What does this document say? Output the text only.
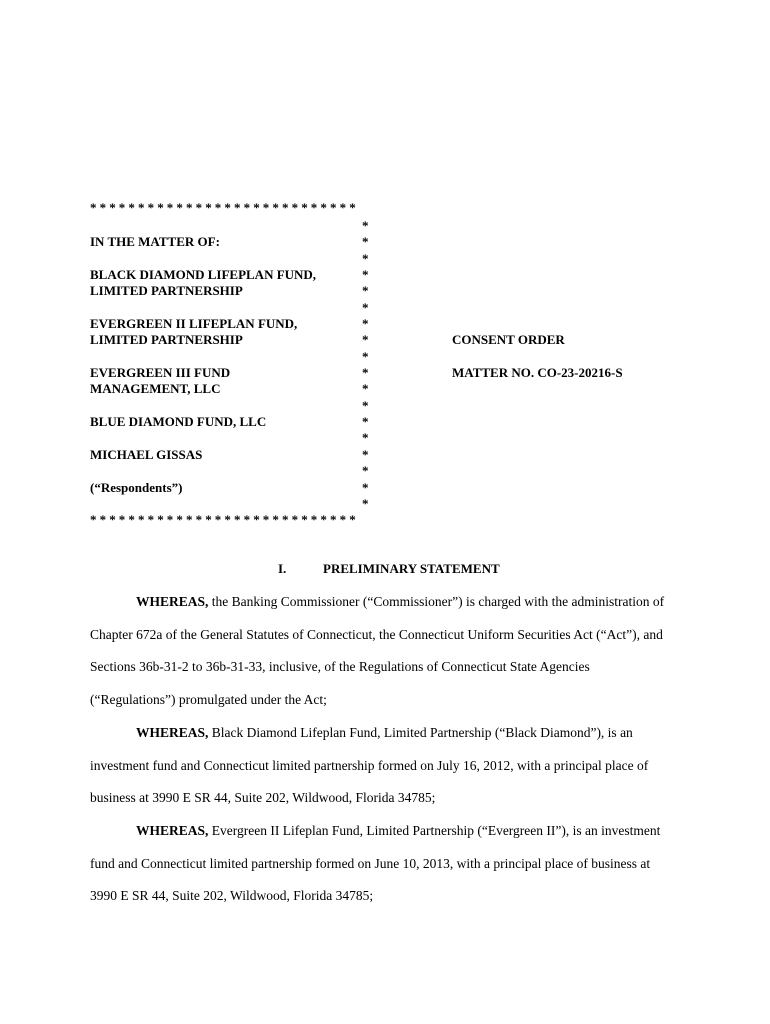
****************************
IN THE MATTER OF:
BLACK DIAMOND LIFEPLAN FUND,
LIMITED PARTNERSHIP
EVERGREEN II LIFEPLAN FUND,
LIMITED PARTNERSHIP
EVERGREEN III FUND
MANAGEMENT, LLC
BLUE DIAMOND FUND, LLC
MICHAEL GISSAS
(“Respondents”)
*
*
*
*
*
*
*
*
*
*
*
*
*
*
*
*
*
*
****************************
CONSENT ORDER
MATTER NO. CO-23-20216-S
I.	PRELIMINARY STATEMENT
WHEREAS, the Banking Commissioner (“Commissioner”) is charged with the administration of
Chapter 672a of the General Statutes of Connecticut, the Connecticut Uniform Securities Act (“Act”), and
Sections 36b-31-2 to 36b-31-33, inclusive, of the Regulations of Connecticut State Agencies
(“Regulations”) promulgated under the Act;
WHEREAS, Black Diamond Lifeplan Fund, Limited Partnership (“Black Diamond”), is an
investment fund and Connecticut limited partnership formed on July 16, 2012, with a principal place of
business at 3990 E SR 44, Suite 202, Wildwood, Florida 34785;
WHEREAS, Evergreen II Lifeplan Fund, Limited Partnership (“Evergreen II”), is an investment
fund and Connecticut limited partnership formed on June 10, 2013, with a principal place of business at
3990 E SR 44, Suite 202, Wildwood, Florida 34785;
